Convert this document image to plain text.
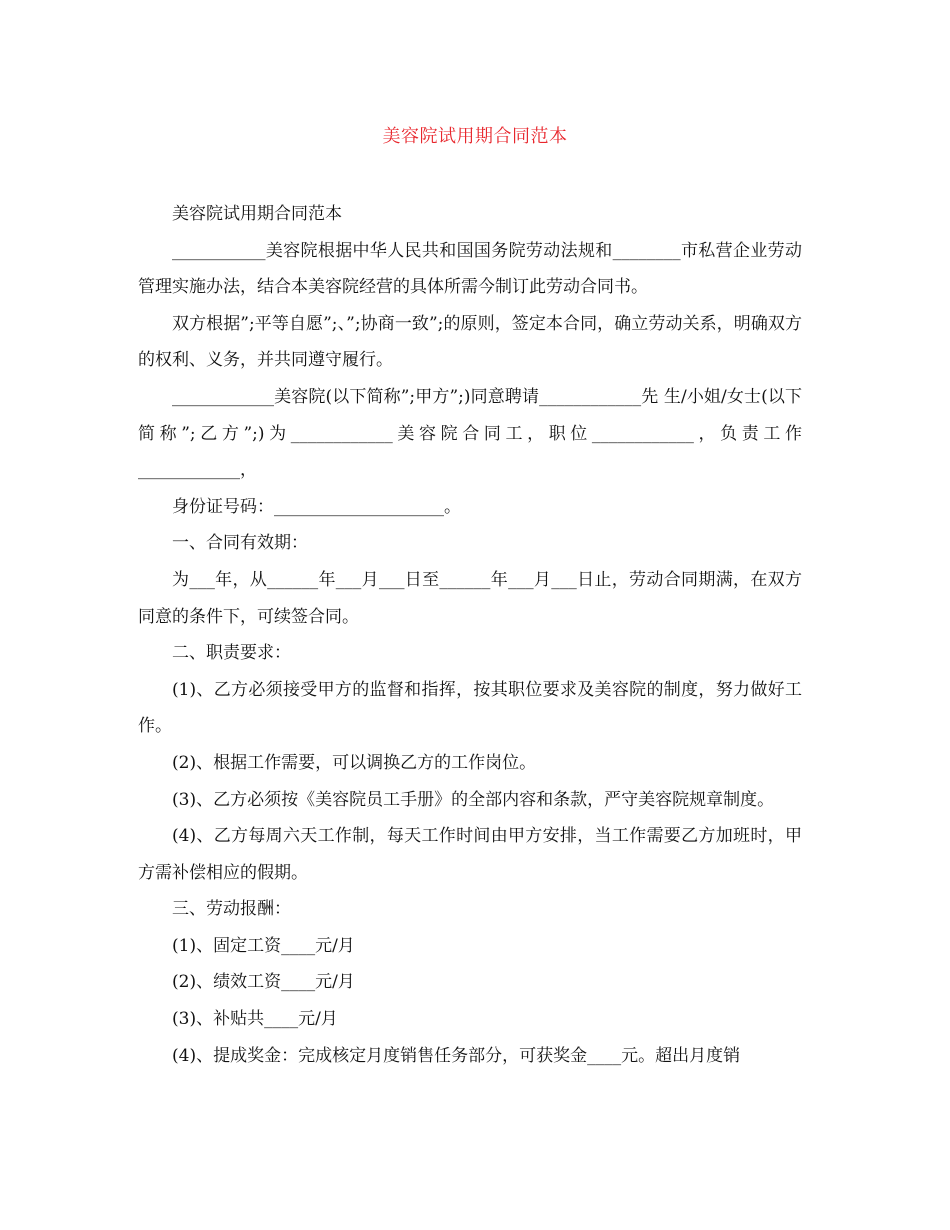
美容院试用期合同范本

美容院试用期合同范本

___________美容院根据中华人民共和国国务院劳动法规和________市私营企业劳动管理实施办法，结合本美容院经营的具体所需今制订此劳动合同书。

双方根据”;平等自愿”;、”;协商一致”;的原则，签定本合同，确立劳动关系，明确双方的权利、义务，并共同遵守履行。

____________美容院(以下简称”;甲方”;)同意聘请____________先 生/小姐/女士(以下简称”;乙方”;)为____________美容院合同工，职位____________，负责工作____________，

身份证号码：____________________。

一、合同有效期：

为___年，从______年___月___日至______年___月___日止，劳动合同期满，在双方同意的条件下，可续签合同。

二、职责要求：

(1)、乙方必须接受甲方的监督和指挥，按其职位要求及美容院的制度，努力做好工作。

(2)、根据工作需要，可以调换乙方的工作岗位。

(3)、乙方必须按《美容院员工手册》的全部内容和条款，严守美容院规章制度。

(4)、乙方每周六天工作制，每天工作时间由甲方安排，当工作需要乙方加班时，甲方需补偿相应的假期。

三、劳动报酬：

(1)、固定工资____元/月

(2)、绩效工资____元/月

(3)、补贴共____元/月

(4)、提成奖金：完成核定月度销售任务部分，可获奖金____元。超出月度销
